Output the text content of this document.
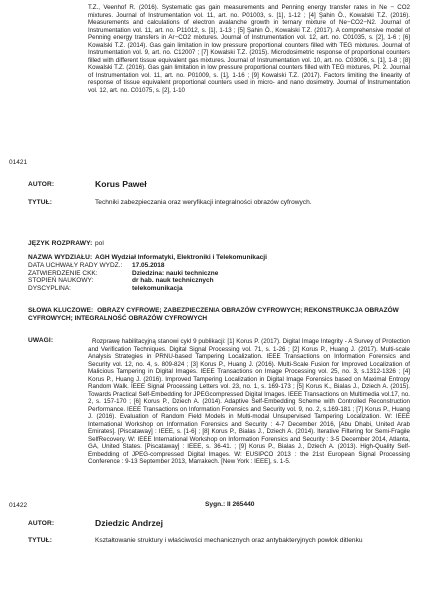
T.Z., Veenhof R. (2016). Systematic gas gain measurements and Penning energy transfer rates in Ne − CO2 mixtures. Journal of Instrumentation vol. 11, art. no. P01003, s. [1], 1-12 ; [4] Şahin Ö., Kowalski T.Z. (2016). Measurements and calculations of electron avalanche growth in ternary mixture of Ne−CO2−N2. Journal of Instrumentation vol. 11, art. no. P11012, s. [1], 1-13 ; [5] Şahin Ö., Kowalski T.Z. (2017). A comprehensive model of Penning energy transfers in Ar−CO2 mixtures. Journal of Instrumentation vol. 12, art. no. C01035, s. [2], 1-6 ; [6] Kowalski T.Z. (2014). Gas gain limitation in low pressure proportional counters filled with TEG mixtures. Journal of Instrumentation vol. 9, art. no. C12007 ; [7] Kowalski T.Z. (2015). Microdosimetric response of proportional counters filled with different tissue equivalent gas mixtures. Journal of Instrumentation vol. 10, art. no. C03006, s. [1], 1-8 ; [8] Kowalski T.Z. (2016). Gas gain limitation in low pressure proportional counters filled with TEG mixtures, Pt. 2. Journal of Instrumentation vol. 11, art. no. P01009, s. [1], 1-16 ; [9] Kowalski T.Z. (2017). Factors limiting the linearity of response of tissue equivalent proportional counters used in micro- and nano dosimetry. Journal of Instrumentation vol. 12, art. no. C01075, s. [2], 1-10
01421
AUTOR:	Korus Paweł
TYTUŁ:	Techniki zabezpieczania oraz weryfikacji integralności obrazów cyfrowych.
JĘZYK ROZPRAWY: pol
NAZWA WYDZIAŁU: AGH Wydział Informatyki, Elektroniki i Telekomunikacji
DATA UCHWAŁY RADY WYDZ.:	17.05.2018
ZATWIERDZENIE CKK:	Dziedzina: nauki techniczne
STOPIEŃ NAUKOWY:	dr hab. nauk technicznych
DYSCYPLINA:	telekomunikacja
SŁOWA KLUCZOWE: OBRAZY CYFROWE; ZABEZPIECZENIA OBRAZÓW CYFROWYCH; REKONSTRUKCJA OBRAZÓW CYFROWYCH; INTEGRALNOŚĆ OBRAZÓW CYFROWYCH
UWAGI:	Rozprawę habilitacyjną stanowi cykl 9 publikacji: [1] Korus P. (2017). Digital Image Integrity - A Survey of Protection and Verification Techniques. Digital Signal Processing vol. 71, s. 1-26 ; [2] Korus P., Huang J. (2017). Multi-scale Analysis Strategies in PRNU-based Tampering Localization. IEEE Transactions on Information Forensics and Security vol. 12, no. 4, s. 809-824 ; [3] Korus P., Huang J. (2016). Multi-Scale Fusion for Improved Localization of Malicious Tampering in Digital Images. IEEE Transactions on Image Processing vol. 25, no. 3, s.1312-1326 ; [4] Korus P., Huang J. (2016). Improved Tampering Localization in Digital Image Forensics based on Maximal Entropy Random Walk. IEEE Signal Processing Letters vol. 23, no. 1, s. 169-173 ; [5] Korus K., Bialas J., Dziech A. (2015). Towards Practical Self-Embedding for JPEGcompressed Digital Images. IEEE Transactions on Multimedia vol.17, no. 2, s. 157-170 ; [6] Korus P., Dziech A. (2014). Adaptive Self-Embedding Scheme with Controlled Reconstruction Performance. IEEE Transactions on Information Forensics and Security vol. 9, no. 2, s.169-181 ; [7] Korus P., Huang J. (2016). Evaluation of Random Field Models in Multi-modal Unsupervised Tampering Localization. W: IEEE International Workshop on Information Forensics and Security : 4-7 December 2016, [Abu Dhabi, United Arab Emirates]. [Piscataway] : IEEE, s. [1-6] ; [8] Korus P., Bialas J., Dziech A. (2014). Iterative Filtering for Semi-Fragile SelfRecovery. W: IEEE International Workshop on Information Forensics and Security : 3-5 December 2014, Atlanta, GA, United States. [Piscataway] : IEEE, s. 36-41. ; [9] Korus P., Bialas J., Dziech A. (2013). High-Quality Self-Embedding of JPEG-compressed Digital Images. W: EUSIPCO 2013 : the 21st European Signal Processing Conference : 9-13 September 2013, Marrakech. [New York : IEEE], s. 1-5.
Sygn.: II 265440
01422
AUTOR:	Dziedzic Andrzej
TYTUŁ:	Kształtowanie struktury i właściwości mechanicznych oraz antybakteryjnych powłok ditlenku
